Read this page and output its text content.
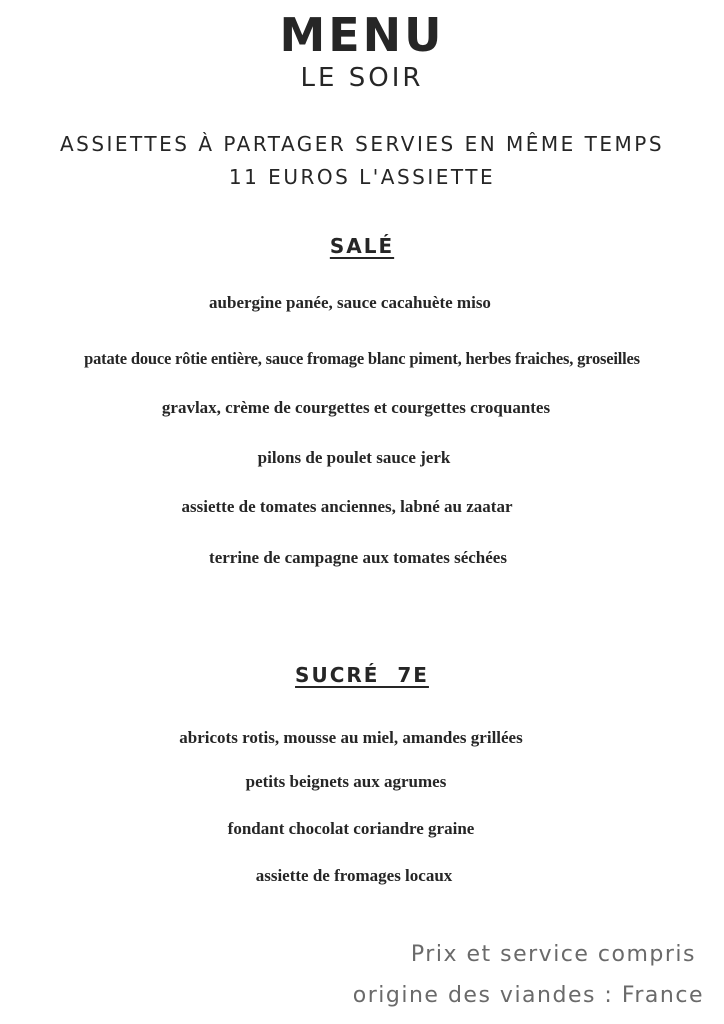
MENU
LE SOIR
ASSIETTES À PARTAGER SERVIES EN MÊME TEMPS
11 EUROS L'ASSIETTE
SALÉ
aubergine panée, sauce cacahuète miso
patate douce rôtie entière, sauce fromage blanc piment, herbes fraiches, groseilles
gravlax, crème de courgettes et courgettes croquantes
pilons de poulet sauce jerk
assiette de tomates anciennes, labné au zaatar
terrine de campagne aux tomates séchées
SUCRÉ  7E
abricots rotis, mousse au miel, amandes grillées
petits beignets aux agrumes
fondant chocolat coriandre graine
assiette de fromages locaux
Prix et service compris
origine des viandes : France
